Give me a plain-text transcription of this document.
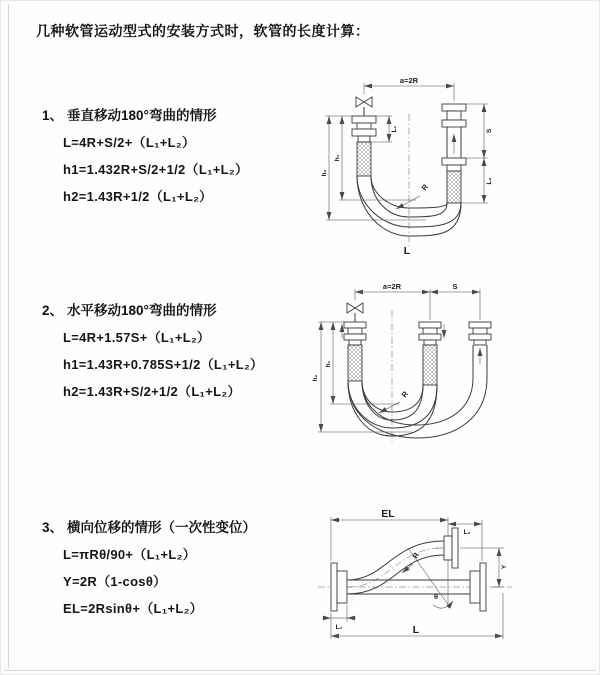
几种软管运动型式的安装方式时，软管的长度计算：
1、 垂直移动180°弯曲的情形
L=4R+S/2+（L₁+L₂）
h1=1.432R+S/2+1/2（L₁+L₂）
h2=1.43R+1/2（L₁+L₂）
2、 水平移动180°弯曲的情形
L=4R+1.57S+（L₁+L₂）
h1=1.43R+0.785S+1/2（L₁+L₂）
h2=1.43R+S/2+1/2（L₁+L₂）
3、 横向位移的情形（一次性变位）
L=πRθ/90+（L₁+L₂）
Y=2R（1-cosθ）
EL=2Rsinθ+（L₁+L₂）
a=2R
h₁
h₂
L₁	S
L₂
R
L
a=2R	S
h₁
h₂
R
EL
L₂
θ
R
Y
L₁	L
